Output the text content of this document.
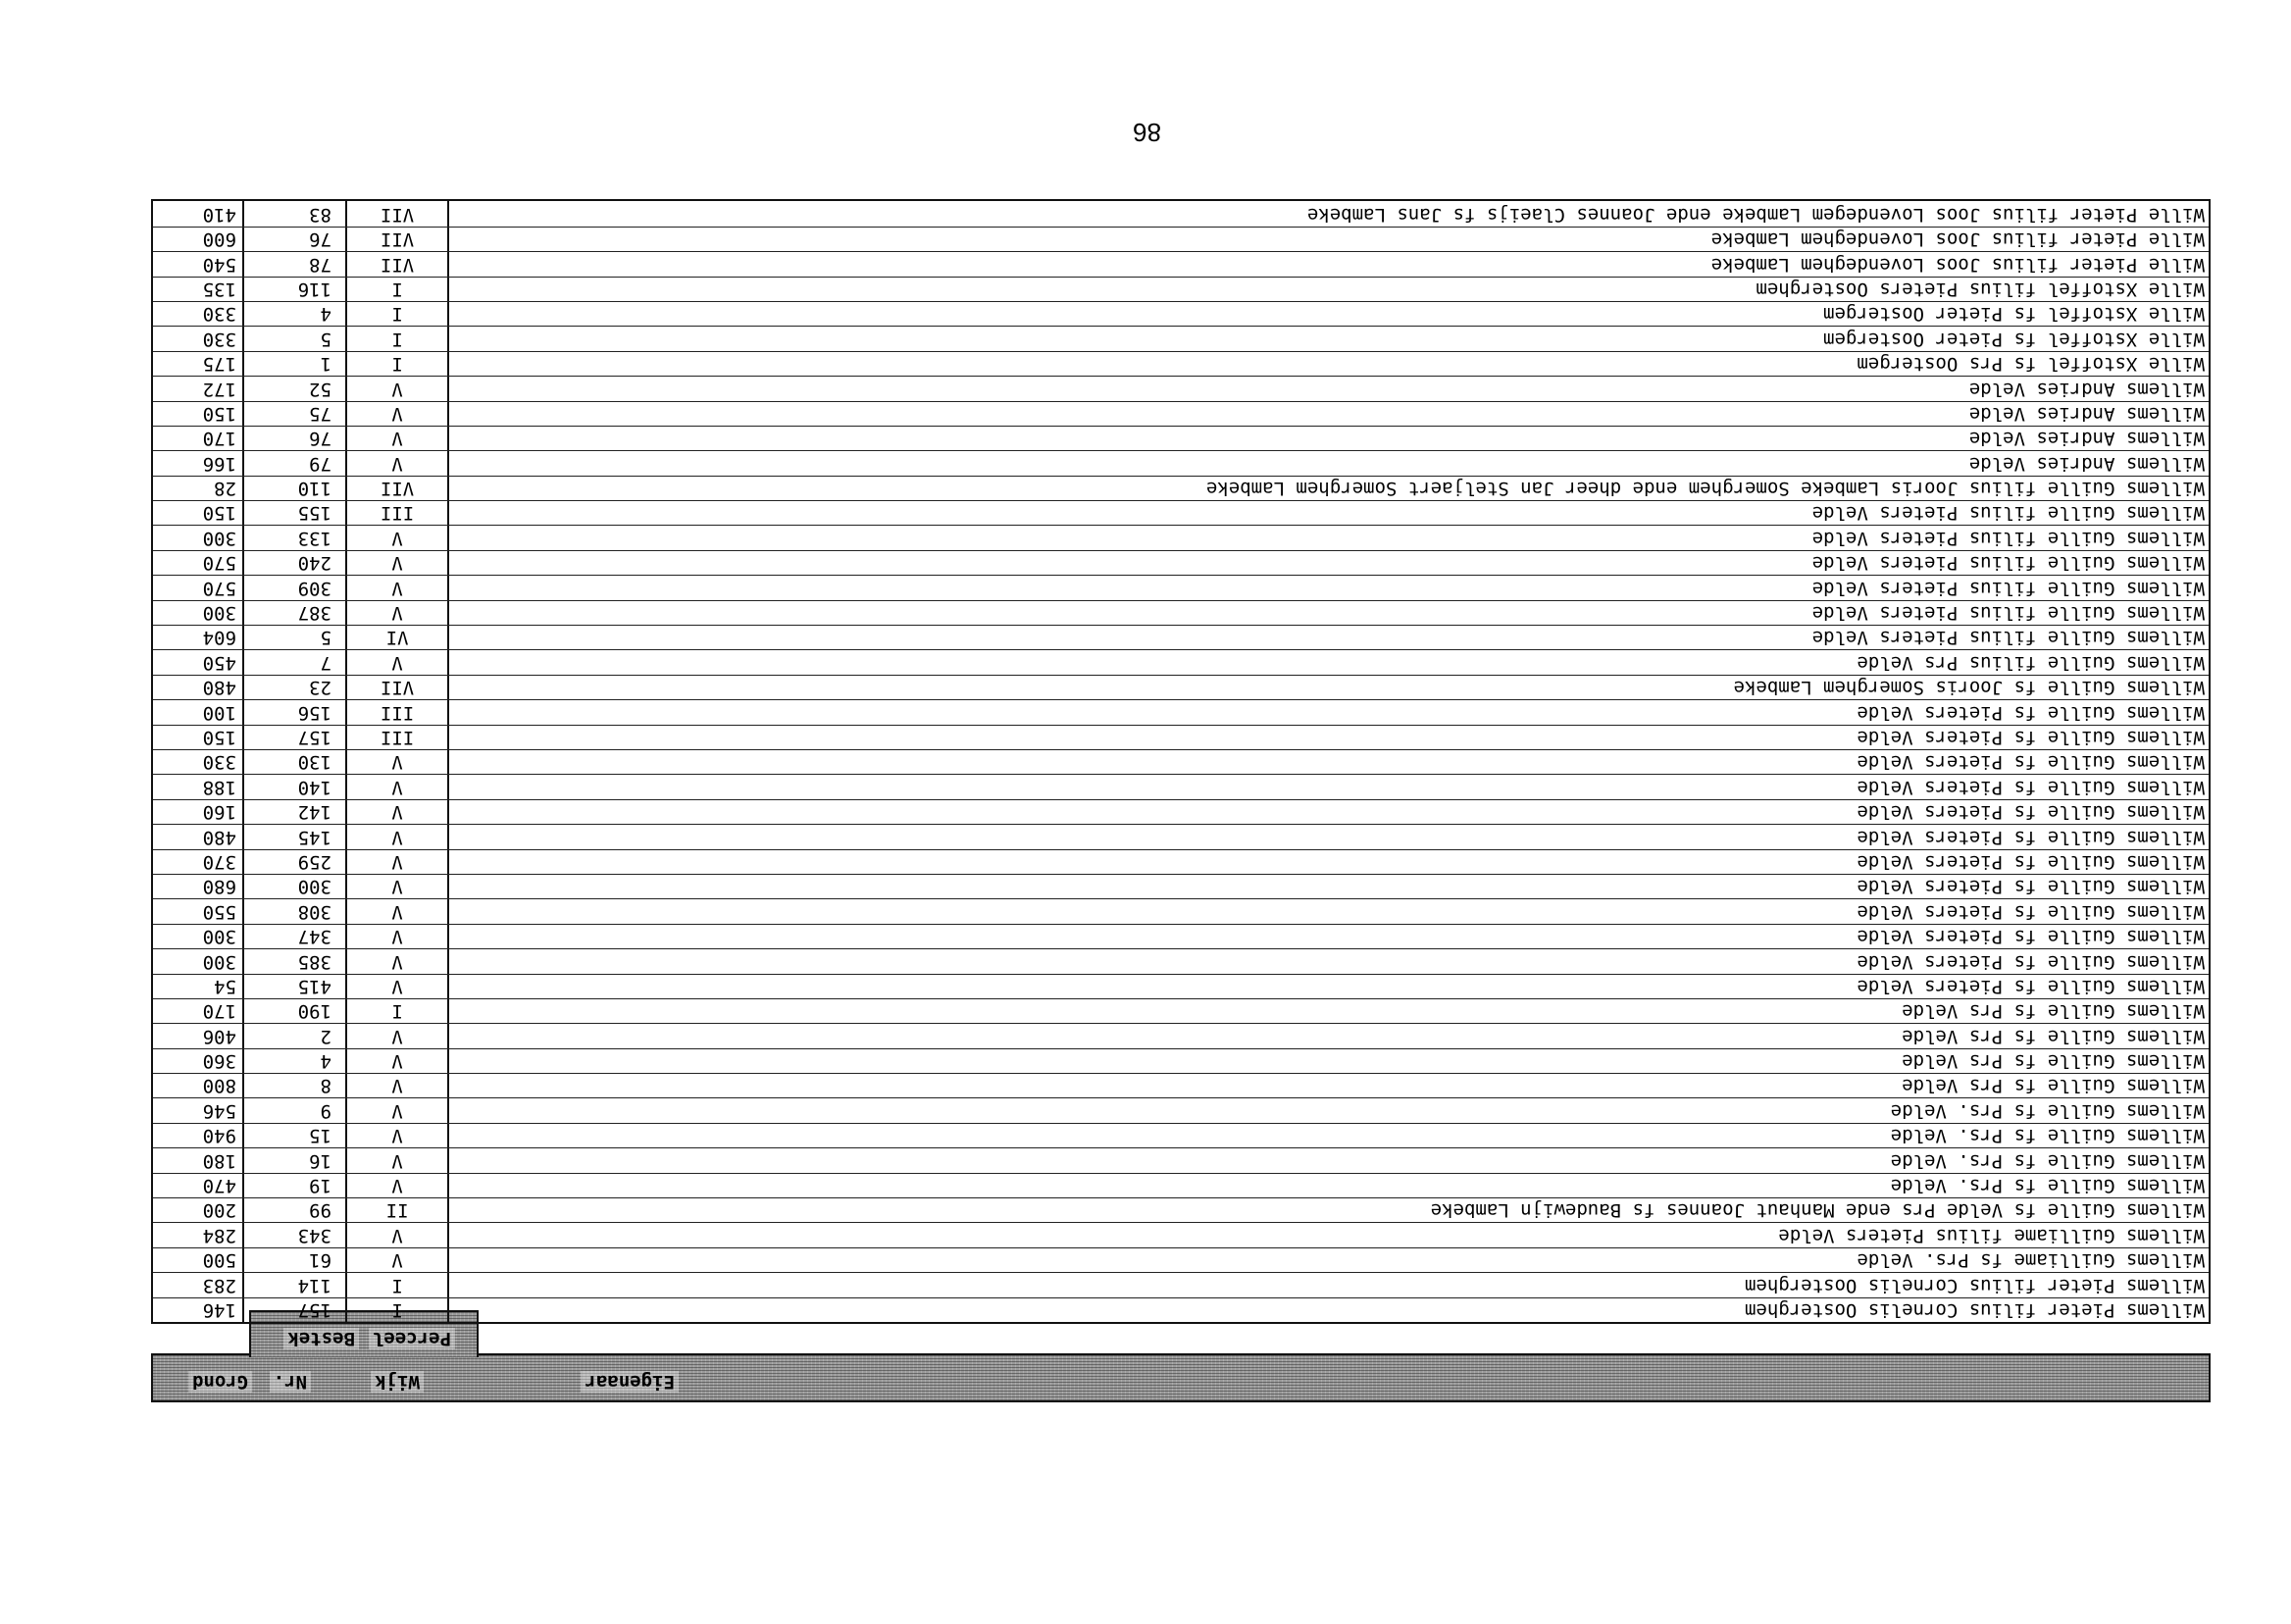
Grond Nr.	Wijk	Eigenaar
Perceel
Bestek
Willems Pieter filius Cornelis Oosterghem
I
157
146
Willems Pieter filius Cornelis Oosterghem
I
114
283
Willems Guilliame fs Prs. Velde
V
61
500
Willems Guilliame filius Pieters Velde
V
343
284
Willems Guille fs Velde Prs ende Manhaut Joannes fs Baudewijn Lambeke
II
99
200
Willems Guille fs Prs. Velde
V
19
470
Willems Guille fs Prs. Velde
V
16
180
Willems Guille fs Prs. Velde
V
15
940
Willems Guille fs Prs. Velde
V
9
546
Willems Guille fs Prs Velde
V
8
800
Willems Guille fs Prs Velde
V
4
360
Willems Guille fs Prs Velde
V
2
406
Willems Guille fs Prs Velde
I
190
170
Willems Guille fs Pieters Velde
V
415
54
Willems Guille fs Pieters Velde
V
385
300
Willems Guille fs Pieters Velde
V
347
300
Willems Guille fs Pieters Velde
V
308
550
Willems Guille fs Pieters Velde
V
300
680
Willems Guille fs Pieters Velde
V
259
370
Willems Guille fs Pieters Velde
V
145
480
Willems Guille fs Pieters Velde
V
142
160
Willems Guille fs Pieters Velde
V
140
188
Willems Guille fs Pieters Velde
V
130
330
Willems Guille fs Pieters Velde
III
157
150
Willems Guille fs Pieters Velde
III
156
100
Willems Guille fs Jooris Somerghem Lambeke
VII
23
480
Willems Guille filius Prs Velde
V
7
450
Willems Guille filius Pieters Velde
VI
5
604
Willems Guille filius Pieters Velde
V
387
300
Willems Guille filius Pieters Velde
V
309
570
Willems Guille filius Pieters Velde
V
240
570
Willems Guille filius Pieters Velde
V
133
300
Willems Guille filius Pieters Velde
III
155
150
Willems Guille filius Jooris Lambeke Somerghem ende dheer Jan Steljaert Somerghem Lambeke
VII
110
28
Willems Andries Velde
V
79
166
Willems Andries Velde
V
76
170
Willems Andries Velde
V
75
150
Willems Andries Velde
V
52
172
Wille Xstoffel fs Prs Oostergem
I
1
175
Wille Xstoffel fs Pieter Oostergem
I
5
330
Wille Xstoffel fs Pieter Oostergem
I
4
330
Wille Xstoffel filius Pieters Oosterghem
I
116
135
Wille Pieter filius Joos Lovendeghem Lambeke
VII
78
540
Wille Pieter filius Joos Lovendeghem Lambeke
VII
76
600
Wille Pieter filius Joos Lovendegem Lambeke ende Joannes Claeijs fs Jans Lambeke
VII
83
410
86
